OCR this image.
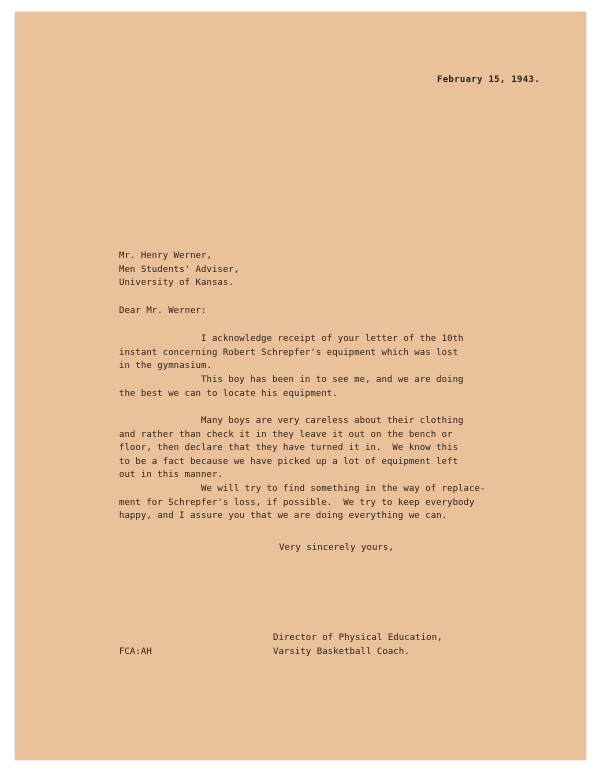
February 15, 1943.
Mr. Henry Werner,
Men Students' Adviser,
University of Kansas.
Dear Mr. Werner:
I acknowledge receipt of your letter of the 10th
instant concerning Robert Schrepfer's equipment which was lost
in the gymnasium.
This boy has been in to see me, and we are doing
the best we can to locate his equipment.
Many boys are very careless about their clothing
and rather than check it in they leave it out on the bench or
floor, then declare that they have turned it in.  We know this
to be a fact because we have picked up a lot of equipment left
out in this manner.
We will try to find something in the way of replace-
ment for Schrepfer's loss, if possible.  We try to keep everybody
happy, and I assure you that we are doing everything we can.
Very sincerely yours,
Director of Physical Education,
Varsity Basketball Coach.
FCA:AH
